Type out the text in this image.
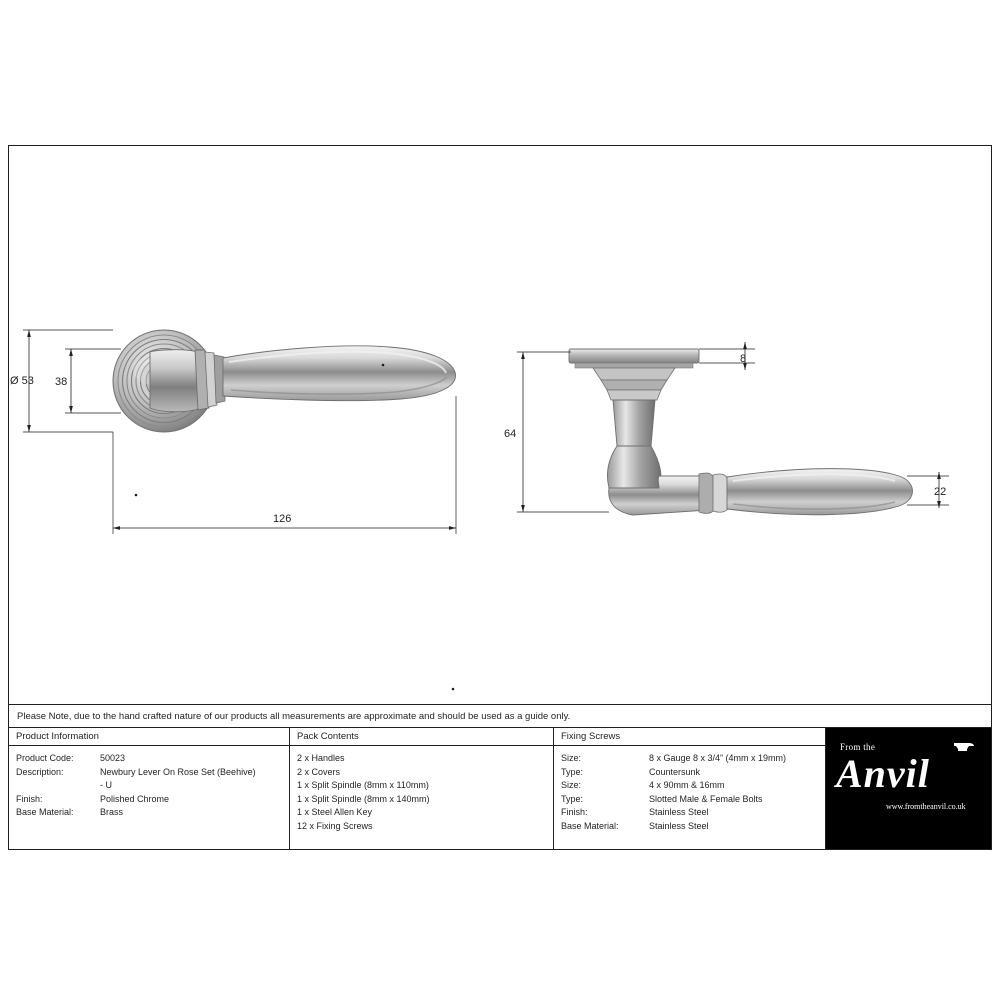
Ø 53 38
126
8
64
22
Please Note, due to the hand crafted nature of our products all measurements are approximate and should be used as a guide only.
Product Information
Product Code:	50023
Description:	Newbury Lever On Rose Set (Beehive)
- U
Finish:	Polished Chrome
Base Material:	Brass
Pack Contents
2 x Handles
2 x Covers
1 x Split Spindle (8mm x 110mm)
1 x Split Spindle (8mm x 140mm)
1 x Steel Allen Key
12 x Fixing Screws
Fixing Screws
Size:	8 x Gauge 8 x 3/4” (4mm x 19mm)
Type:	Countersunk
Size:	4 x 90mm & 16mm
Type:	Slotted Male & Female Bolts
Finish:	Stainless Steel
Base Material:	Stainless Steel
From the
Anvil
www.fromtheanvil.co.uk
